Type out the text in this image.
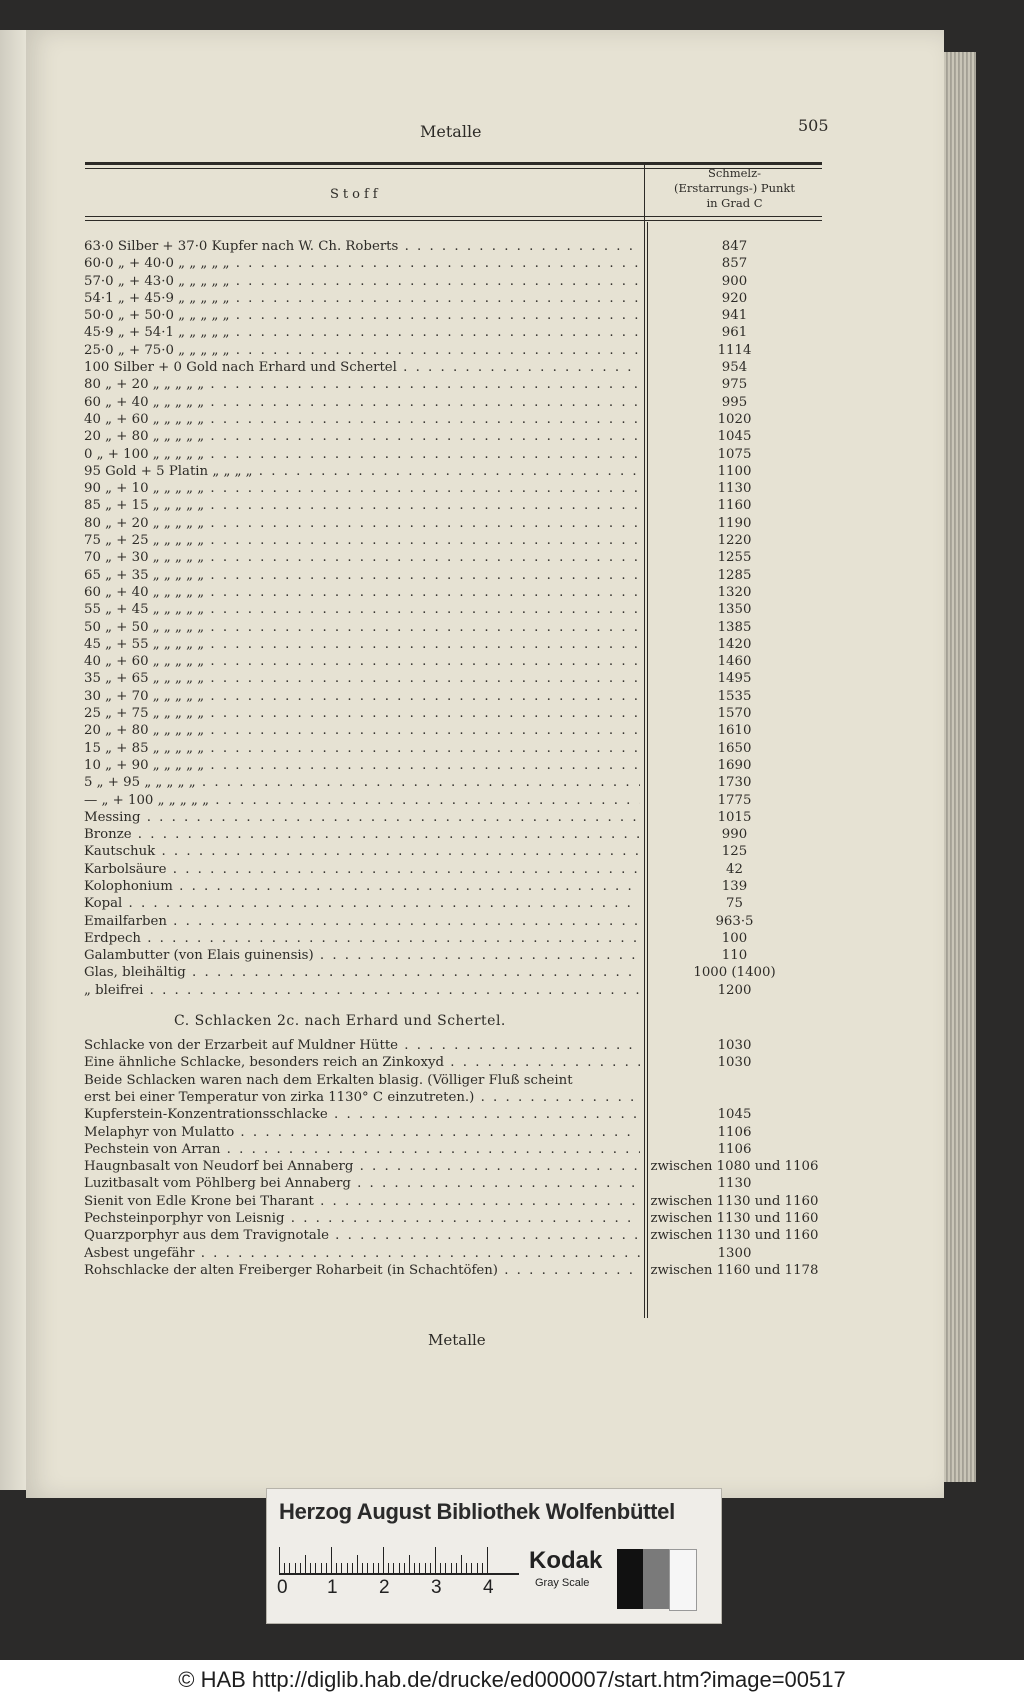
Metalle	505
Stoff
Schmelz-
(Erstarrungs-) Punkt
in Grad C
63·0 Silber + 37·0 Kupfer nach W. Ch. Roberts . . .	847
60·0 „ + 40·0 „ „ „ „ „ . . .	857
57·0 „ + 43·0 „ „ „ „ „ . . .	900
54·1 „ + 45·9 „ „ „ „ „ . . .	920
50·0 „ + 50·0 „ „ „ „ „ . . .	941
45·9 „ + 54·1 „ „ „ „ „ . . .	961
25·0 „ + 75·0 „ „ „ „ „ . . .	1114
100 Silber + 0 Gold nach Erhard und Schertel . . .	954
80 „ + 20 „ „ „ „ „ . . .	975
60 „ + 40 „ „ „ „ „ . . .	995
40 „ + 60 „ „ „ „ „ . . .	1020
20 „ + 80 „ „ „ „ „ . . .	1045
0 „ + 100 „ „ „ „ „ . . .	1075
95 Gold + 5 Platin „ „ „ „ . . .	1100
90 „ + 10 „ „ „ „ „ . . .	1130
85 „ + 15 „ „ „ „ „ . . .	1160
80 „ + 20 „ „ „ „ „ . . .	1190
75 „ + 25 „ „ „ „ „ . . .	1220
70 „ + 30 „ „ „ „ „ . . .	1255
65 „ + 35 „ „ „ „ „ . . .	1285
60 „ + 40 „ „ „ „ „ . . .	1320
55 „ + 45 „ „ „ „ „ . . .	1350
50 „ + 50 „ „ „ „ „ . . .	1385
45 „ + 55 „ „ „ „ „ . . .	1420
40 „ + 60 „ „ „ „ „ . . .	1460
35 „ + 65 „ „ „ „ „ . . .	1495
30 „ + 70 „ „ „ „ „ . . .	1535
25 „ + 75 „ „ „ „ „ . . .	1570
20 „ + 80 „ „ „ „ „ . . .	1610
15 „ + 85 „ „ „ „ „ . . .	1650
10 „ + 90 „ „ „ „ „ . . .	1690
5 „ + 95 „ „ „ „ „ . . .	1730
— „ + 100 „ „ „ „ „ . . .	1775
Messing . . .	1015
Bronze . . .	990
Kautschuk . . .	125
Karbolsäure . . .	42
Kolophonium . . .	139
Kopal . . .	75
Emailfarben . . .	963·5
Erdpech . . .	100
Galambutter (von Elais guinensis) . . .	110
Glas, bleihältig . . .	1000 (1400)
„ bleifrei . . .	1200
C. Schlacken 2c. nach Erhard und Schertel.
Schlacke von der Erzarbeit auf Muldner Hütte . . .	1030
Eine ähnliche Schlacke, besonders reich an Zinkoxyd . . .	1030
Beide Schlacken waren nach dem Erkalten blasig. (Völliger Fluß scheint
erst bei einer Temperatur von zirka 1130° C einzutreten.) . . .
Kupferstein-Konzentrationsschlacke . . .	1045
Melaphyr von Mulatto . . .	1106
Pechstein von Arran . . .	1106
Haugnbasalt von Neudorf bei Annaberg . . .	zwischen 1080 und 1106
Luzitbasalt vom Pöhlberg bei Annaberg . . .	1130
Sienit von Edle Krone bei Tharant . . .	zwischen 1130 und 1160
Pechsteinporphyr von Leisnig . . .	zwischen 1130 und 1160
Quarzporphyr aus dem Travignotale . . .	zwischen 1130 und 1160
Asbest ungefähr . . .	1300
Rohschlacke der alten Freiberger Roharbeit (in Schachtöfen) . . .	zwischen 1160 und 1178
Metalle
Herzog August Bibliothek Wolfenbüttel
0 1 2 3 4
Kodak
Gray Scale
© HAB http://diglib.hab.de/drucke/ed000007/start.htm?image=00517
